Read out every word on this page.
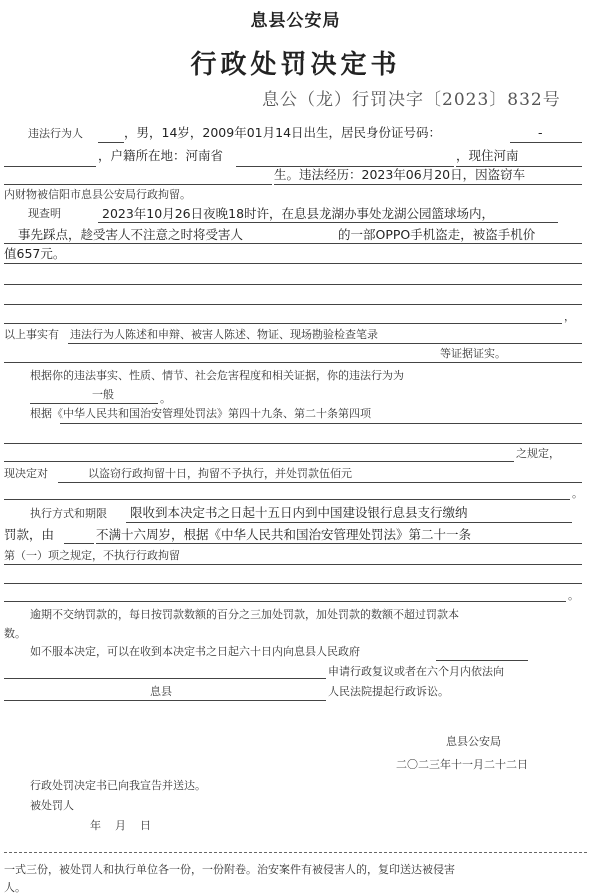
息县公安局
行政处罚决定书
息公（龙）行罚决字〔2023〕832号
违法行为人	，男，14岁，2009年01月14日出生，居民身份证号码：	-
，户籍所在地：河南省	，现住河南
生。违法经历：2023年06月20日，因盗窃车
内财物被信阳市息县公安局行政拘留。
现查明	2023年10月26日夜晚18时许，在息县龙湖办事处龙湖公园篮球场内，
事先踩点，趁受害人不注意之时将受害人	的一部OPPO手机盗走，被盗手机价
值657元。
，
以上事实有 违法行为人陈述和申辩、被害人陈述、物证、现场勘验检查笔录
等证据证实。
根据你的违法事实、性质、情节、社会危害程度和相关证据，你的违法行为为
一般	。
根据《中华人民共和国治安管理处罚法》第四十九条、第二十条第四项
之规定，
现决定对	以盗窃行政拘留十日，拘留不予执行，并处罚款伍佰元
。
执行方式和期限 限收到本决定书之日起十五日内到中国建设银行息县支行缴纳
罚款，由	不满十六周岁，根据《中华人民共和国治安管理处罚法》第二十一条
第（一）项之规定，不执行行政拘留
。
逾期不交纳罚款的，每日按罚款数额的百分之三加处罚款，加处罚款的数额不超过罚款本
数。
如不服本决定，可以在收到本决定书之日起六十日内向息县人民政府
申请行政复议或者在六个月内依法向
息县	人民法院提起行政诉讼。
息县公安局
二〇二三年十一月二十二日
行政处罚决定书已向我宣告并送达。
被处罚人
年    月    日
一式三份，被处罚人和执行单位各一份，一份附卷。治安案件有被侵害人的，复印送达被侵害
人。
